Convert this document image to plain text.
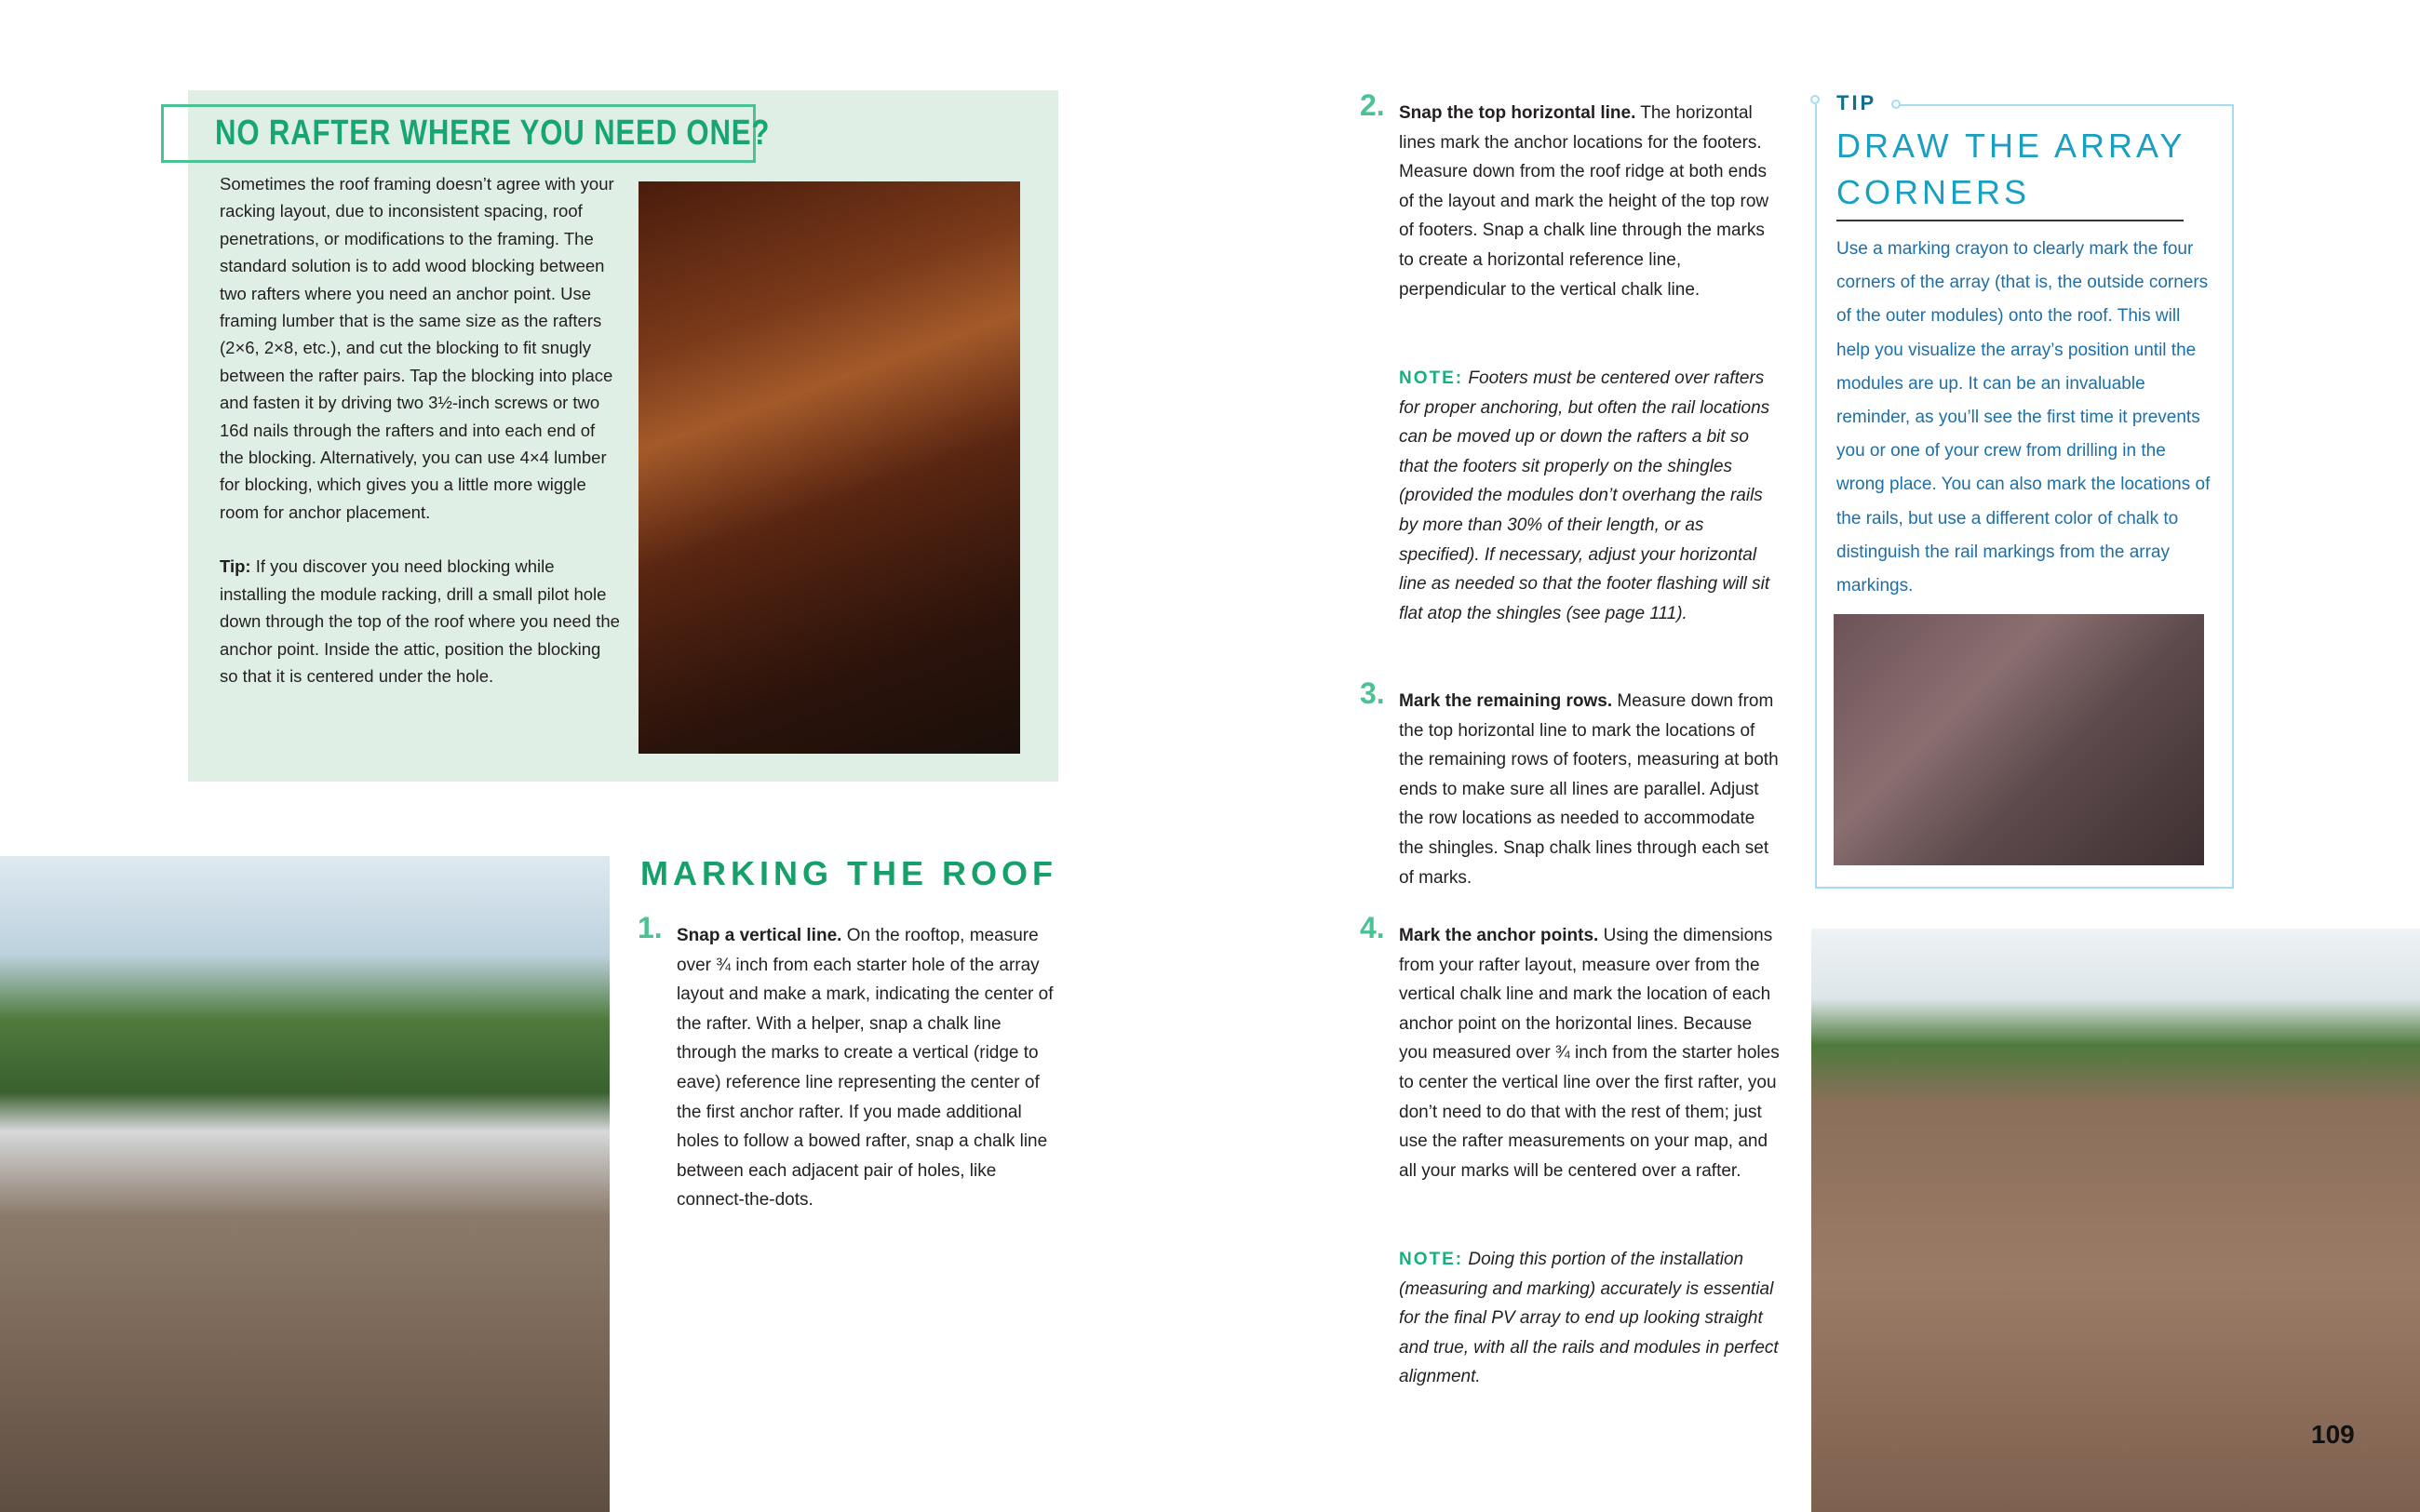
NO RAFTER WHERE YOU NEED ONE?

Sometimes the roof framing doesn’t agree with your racking layout, due to inconsistent spacing, roof penetrations, or modifications to the framing. The standard solution is to add wood blocking between two rafters where you need an anchor point. Use framing lumber that is the same size as the rafters (2×6, 2×8, etc.), and cut the blocking to fit snugly between the rafter pairs. Tap the blocking into place and fasten it by driving two 3½-inch screws or two 16d nails through the rafters and into each end of the blocking. Alternatively, you can use 4×4 lumber for blocking, which gives you a little more wiggle room for anchor placement.

Tip: If you discover you need blocking while installing the module racking, drill a small pilot hole down through the top of the roof where you need the anchor point. Inside the attic, position the blocking so that it is centered under the hole.

MARKING THE ROOF
1. Snap a vertical line. On the rooftop, measure over ¾ inch from each starter hole of the array layout and make a mark, indicating the center of the rafter. With a helper, snap a chalk line through the marks to create a vertical (ridge to eave) reference line representing the center of the first anchor rafter. If you made additional holes to follow a bowed rafter, snap a chalk line between each adjacent pair of holes, like connect-the-dots.
2. Snap the top horizontal line. The horizontal lines mark the anchor locations for the footers. Measure down from the roof ridge at both ends of the layout and mark the height of the top row of footers. Snap a chalk line through the marks to create a horizontal reference line, perpendicular to the vertical chalk line.
NOTE: Footers must be centered over rafters for proper anchoring, but often the rail locations can be moved up or down the rafters a bit so that the footers sit properly on the shingles (provided the modules don’t overhang the rails by more than 30% of their length, or as specified). If necessary, adjust your horizontal line as needed so that the footer flashing will sit flat atop the shingles (see page 111).
3. Mark the remaining rows. Measure down from the top horizontal line to mark the locations of the remaining rows of footers, measuring at both ends to make sure all lines are parallel. Adjust the row locations as needed to accommodate the shingles. Snap chalk lines through each set of marks.
4. Mark the anchor points. Using the dimensions from your rafter layout, measure over from the vertical chalk line and mark the location of each anchor point on the horizontal lines. Because you measured over ¾ inch from the starter holes to center the vertical line over the first rafter, you don’t need to do that with the rest of them; just use the rafter measurements on your map, and all your marks will be centered over a rafter.
NOTE: Doing this portion of the installation (measuring and marking) accurately is essential for the final PV array to end up looking straight and true, with all the rails and modules in perfect alignment.
TIP
DRAW THE ARRAY CORNERS
Use a marking crayon to clearly mark the four corners of the array (that is, the outside corners of the outer modules) onto the roof. This will help you visualize the array’s position until the modules are up. It can be an invaluable reminder, as you’ll see the first time it prevents you or one of your crew from drilling in the wrong place. You can also mark the locations of the rails, but use a different color of chalk to distinguish the rail markings from the array markings.
109
